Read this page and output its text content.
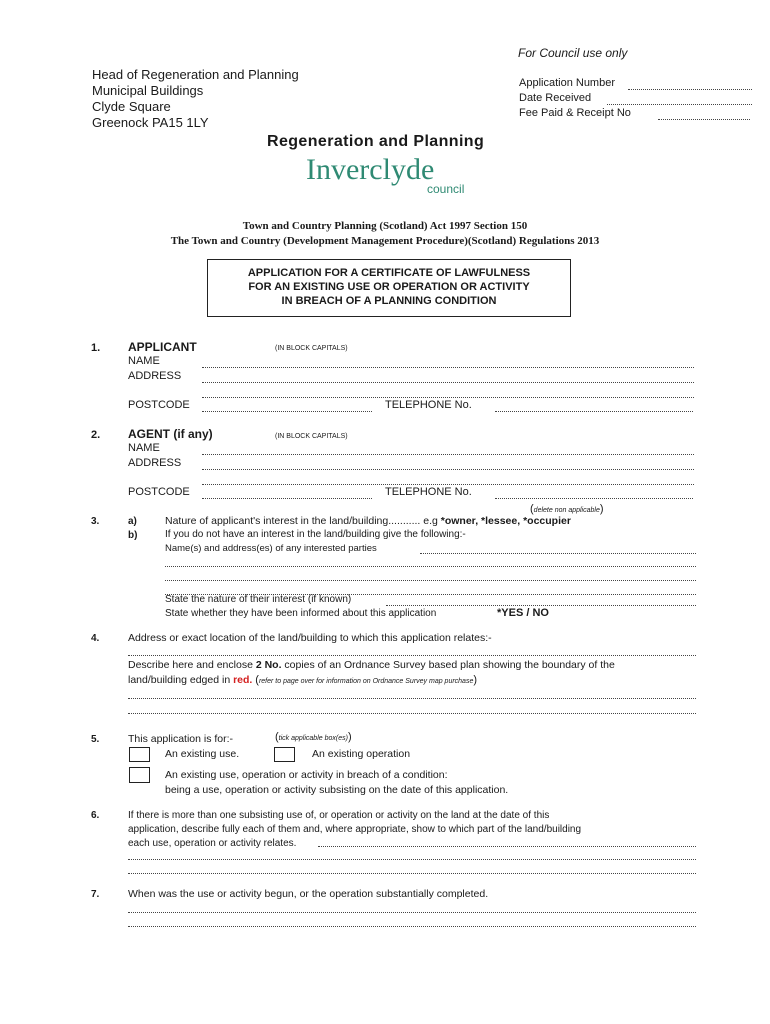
For Council use only
Application Number
Date Received
Fee Paid & Receipt No
Head of Regeneration and Planning
Municipal Buildings
Clyde Square
Greenock PA15 1LY
Regeneration and Planning
Inverclyde
council
Town and Country Planning (Scotland) Act 1997 Section 150
The Town and Country (Development Management Procedure)(Scotland) Regulations 2013
APPLICATION FOR A CERTIFICATE OF LAWFULNESS
FOR AN EXISTING USE OR OPERATION OR ACTIVITY
IN BREACH OF A PLANNING CONDITION
1. APPLICANT	(IN BLOCK CAPITALS)
NAME
ADDRESS
POSTCODE	TELEPHONE No.
2. AGENT (if any)	(IN BLOCK CAPITALS)
NAME
ADDRESS
POSTCODE	TELEPHONE No.
(delete non applicable)
3.	a)	Nature of applicant's interest in the land/building........... e.g *owner, *lessee, *occupier
b)	If you do not have an interest in the land/building give the following:-
Name(s) and address(es) of any interested parties
State the nature of their interest (if known)
State whether they have been informed about this application	*YES / NO
4.	Address or exact location of the land/building to which this application relates:-
Describe here and enclose 2 No. copies of an Ordnance Survey based plan showing the boundary of the
land/building edged in red. (refer to page over for information on Ordnance Survey map purchase)
5.	This application is for:-	(tick applicable box(es))
An existing use.	An existing operation
An existing use, operation or activity in breach of a condition:
being a use, operation or activity subsisting on the date of this application.
6.	If there is more than one subsisting use of, or operation or activity on the land at the date of this
application, describe fully each of them and, where appropriate, show to which part of the land/building
each use, operation or activity relates.
7.	When was the use or activity begun, or the operation substantially completed.
